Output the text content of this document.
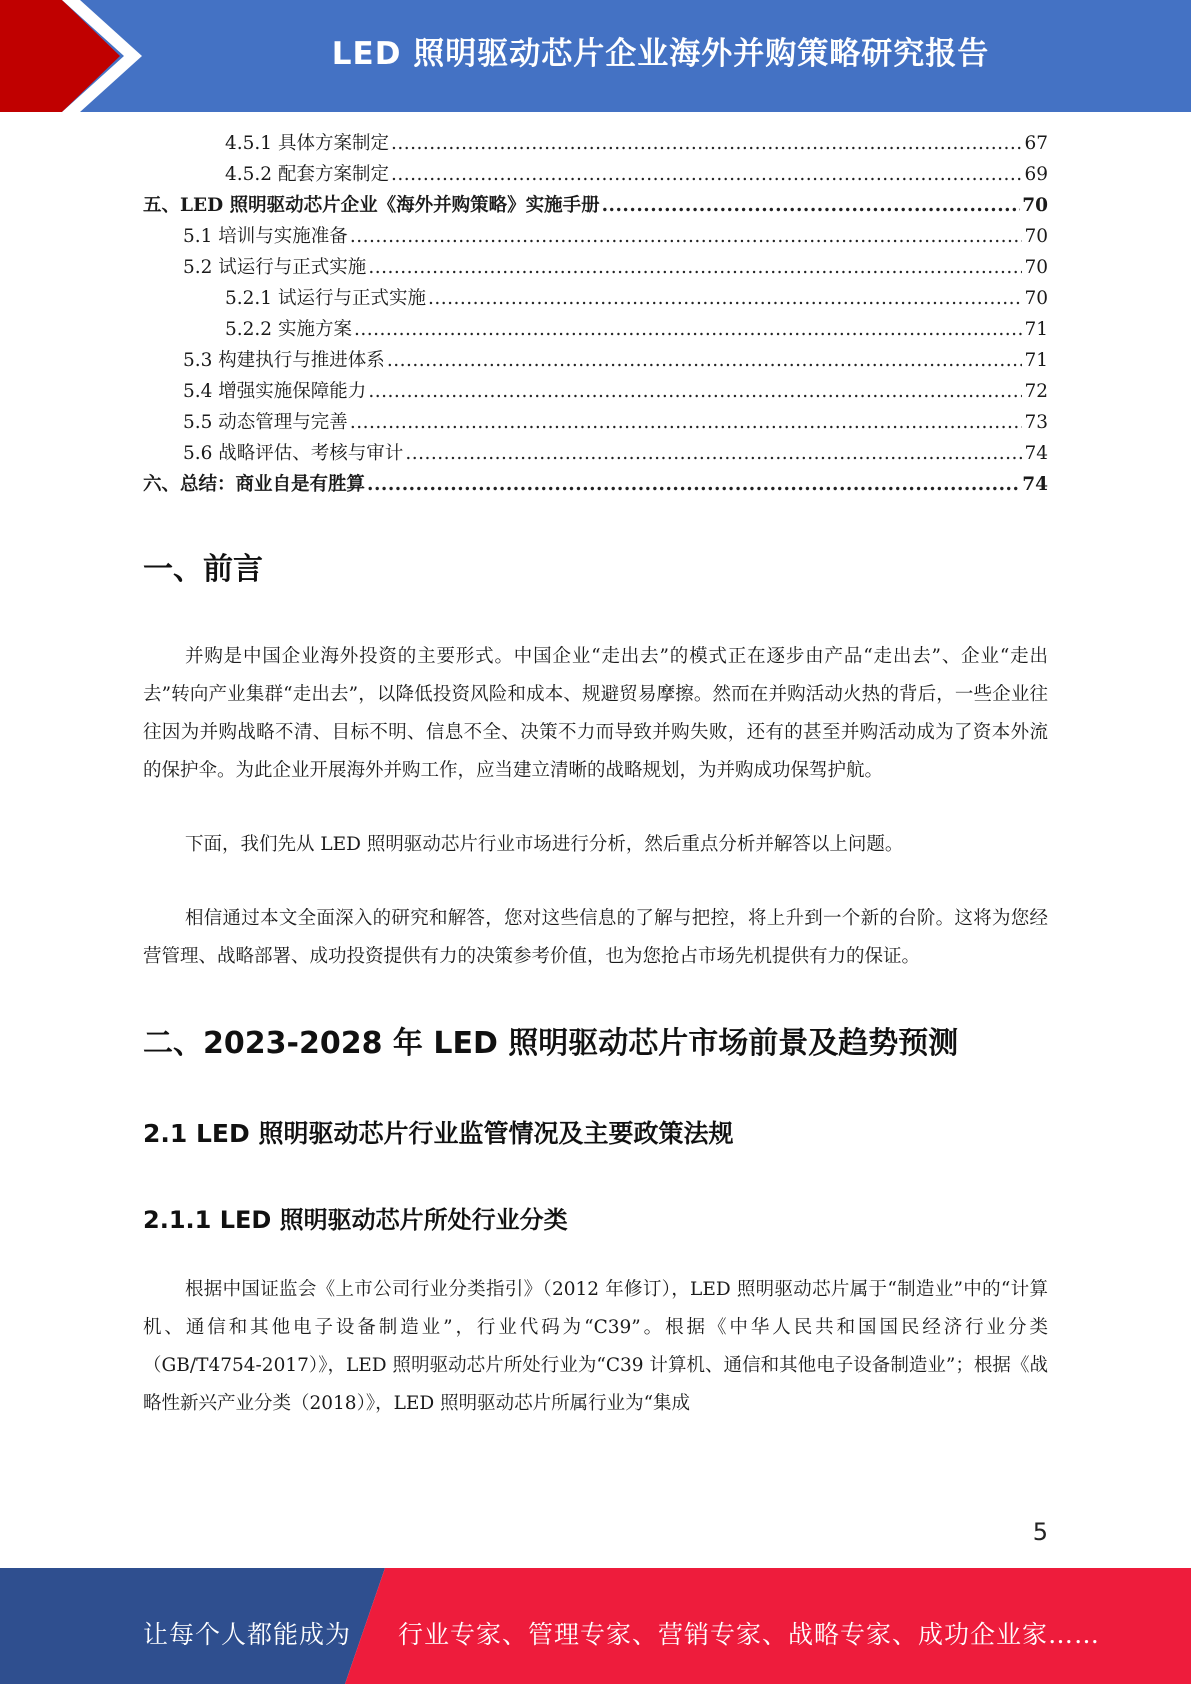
LED 照明驱动芯片企业海外并购策略研究报告
4.5.1 具体方案制定 .....	67
4.5.2 配套方案制定 .....	69
五、LED 照明驱动芯片企业《海外并购策略》实施手册 .....	70
5.1 培训与实施准备 .....	70
5.2 试运行与正式实施 .....	70
5.2.1 试运行与正式实施 .....	70
5.2.2 实施方案 .....	71
5.3 构建执行与推进体系 .....	71
5.4 增强实施保障能力 .....	72
5.5 动态管理与完善 .....	73
5.6 战略评估、考核与审计 .....	74
六、总结：商业自是有胜算 .....	74
一、前言

并购是中国企业海外投资的主要形式。中国企业“走出去”的模式正在逐步由产品“走出去”、企业“走出去”转向产业集群“走出去”，以降低投资风险和成本、规避贸易摩擦。然而在并购活动火热的背后，一些企业往往因为并购战略不清、目标不明、信息不全、决策不力而导致并购失败，还有的甚至并购活动成为了资本外流的保护伞。为此企业开展海外并购工作，应当建立清晰的战略规划，为并购成功保驾护航。

下面，我们先从 LED 照明驱动芯片行业市场进行分析，然后重点分析并解答以上问题。

相信通过本文全面深入的研究和解答，您对这些信息的了解与把控，将上升到一个新的台阶。这将为您经营管理、战略部署、成功投资提供有力的决策参考价值，也为您抢占市场先机提供有力的保证。

二、2023-2028 年 LED 照明驱动芯片市场前景及趋势预测
2.1 LED 照明驱动芯片行业监管情况及主要政策法规
2.1.1 LED 照明驱动芯片所处行业分类

根据中国证监会《上市公司行业分类指引》（2012 年修订），LED 照明驱动芯片属于“制造业”中的“计算机、通信和其他电子设备制造业”，行业代码为“C39”。根据《中华人民共和国国民经济行业分类（GB/T4754-2017）》，LED 照明驱动芯片所处行业为“C39 计算机、通信和其他电子设备制造业”；根据《战略性新兴产业分类（2018）》，LED 照明驱动芯片所属行业为“集成

5
让每个人都能成为 行业专家、管理专家、营销专家、战略专家、成功企业家……
